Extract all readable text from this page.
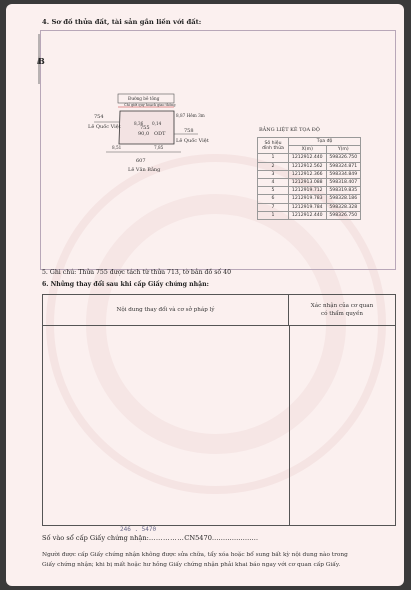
4. Sơ đồ thửa đất, tài sản gắn liền với đất:
B
Đường bê tông
Chỉ giới quy hoạch giao thông
8,36 0,14
8,87 Hẻm 3m
8,51	7,85
755
90,0 ODT
754
Lê Quốc Việt
758
Lê Quốc Việt
607
Lê Văn Bằng
BẢNG LIỆT KÊ TỌA ĐỘ
Số hiệu
đỉnh thửa	Tọa độ	
	X(m)	Y(m)
1	1212912.440	598326.750
2	1212912.562	598324.871
3	1212912.366	598334.849
4	1212913.088	598318.407
5	1212919.712	598319.835
6	1212919.783	598328.186
7	1212919.784	598328.328
1	1212912.440	598326.750
5. Ghi chú: Thửa 755 được tách từ thửa 713, tờ bản đồ số 40
6. Những thay đổi sau khi cấp Giấy chứng nhận:
Nội dung thay đổi và cơ sở pháp lý
Xác nhận của cơ quan
có thẩm quyền
246 . 5470
Số vào sổ cấp Giấy chứng nhận:……………CN5470…………………
Người được cấp Giấy chứng nhận không được sửa chữa, tẩy xóa hoặc bổ sung bất kỳ nội dung nào trong
Giấy chứng nhận; khi bị mất hoặc hư hỏng Giấy chứng nhận phải khai báo ngay với cơ quan cấp Giấy.
